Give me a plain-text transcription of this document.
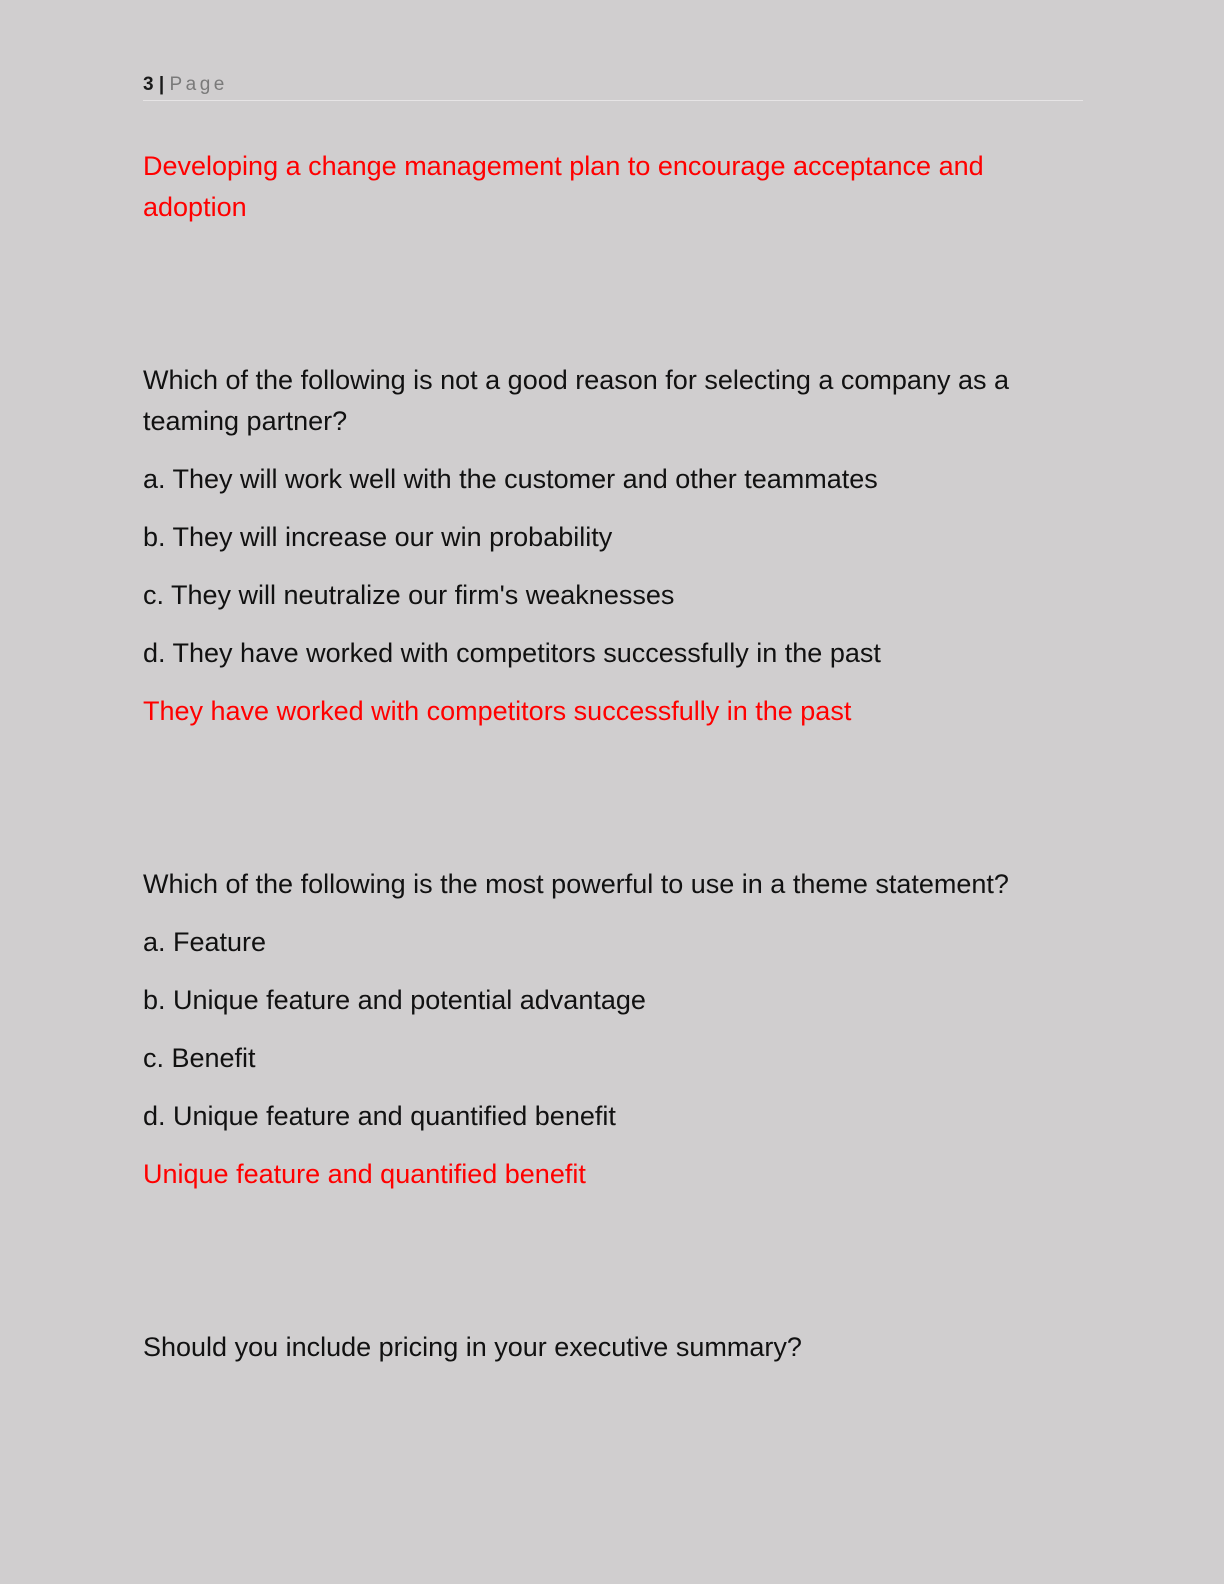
3 | Page

Developing a change management plan to encourage acceptance and adoption

Which of the following is not a good reason for selecting a company as a teaming partner?

a. They will work well with the customer and other teammates

b. They will increase our win probability

c. They will neutralize our firm's weaknesses

d. They have worked with competitors successfully in the past

They have worked with competitors successfully in the past

Which of the following is the most powerful to use in a theme statement?

a. Feature

b. Unique feature and potential advantage

c. Benefit

d. Unique feature and quantified benefit

Unique feature and quantified benefit

Should you include pricing in your executive summary?
